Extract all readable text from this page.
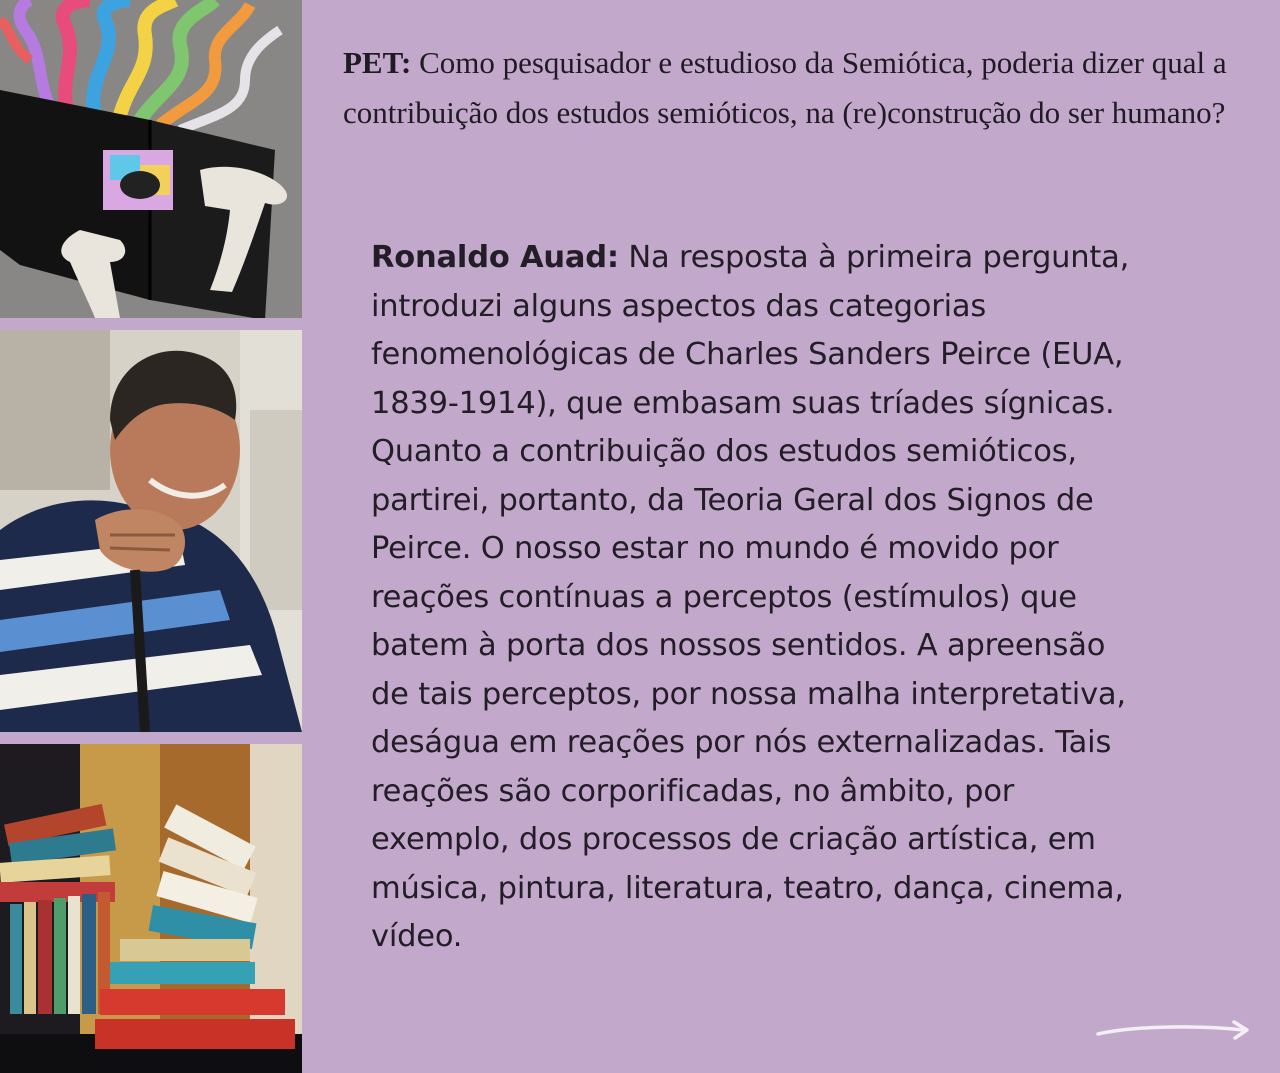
PET: Como pesquisador e estudioso da Semiótica, poderia dizer qual a contribuição dos estudos semióticos, na (re)construção do ser humano?
Ronaldo Auad: Na resposta à primeira pergunta,
introduzi alguns aspectos das categorias
fenomenológicas de Charles Sanders Peirce (EUA,
1839-1914), que embasam suas tríades sígnicas.
Quanto a contribuição dos estudos semióticos,
partirei, portanto, da Teoria Geral dos Signos de
Peirce. O nosso estar no mundo é movido por
reações contínuas a perceptos (estímulos) que
batem à porta dos nossos sentidos. A apreensão
de tais perceptos, por nossa malha interpretativa,
deságua em reações por nós externalizadas. Tais
reações são corporificadas, no âmbito, por
exemplo, dos processos de criação artística, em
música, pintura, literatura, teatro, dança, cinema,
vídeo.
